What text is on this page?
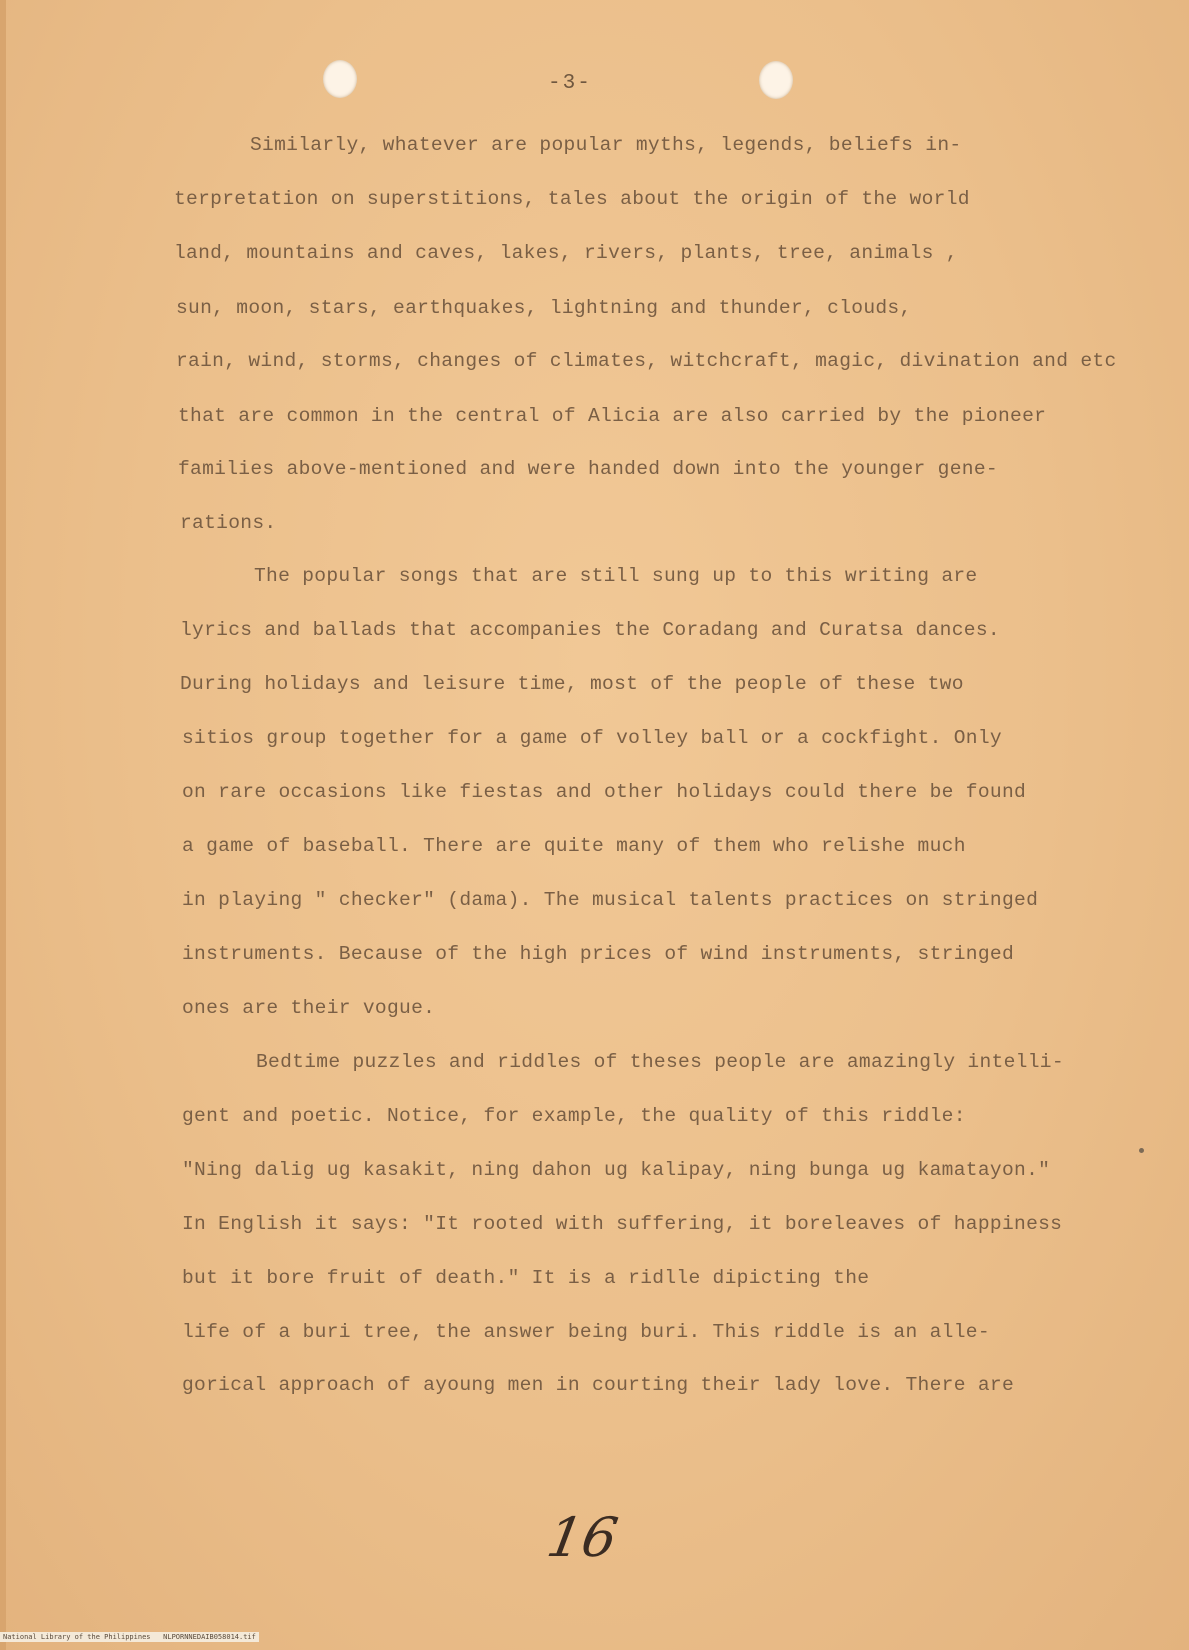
-3-
Similarly, whatever are popular myths, legends, beliefs in-
terpretation on superstitions, tales about the origin of the world
land, mountains and caves, lakes, rivers, plants, tree, animals ,
sun, moon, stars, earthquakes, lightning and thunder, clouds,
rain, wind, storms, changes of climates, witchcraft, magic, divination and etc
that are common in the central of Alicia are also carried by the pioneer
families above-mentioned and were handed down into the younger gene-
rations.
The popular songs that are still sung up to this writing are
lyrics and ballads that accompanies the Coradang and Curatsa dances.
During holidays and leisure time, most of the people of these two
sitios group together for a game of volley ball or a cockfight. Only
on rare occasions like fiestas and other holidays could there be found
a game of baseball. There are quite many of them who relishe much
in playing " checker" (dama). The musical talents practices on stringed
instruments. Because of the high prices of wind instruments, stringed
ones are their vogue.
Bedtime puzzles and riddles of theses people are amazingly intelli-
gent and poetic. Notice, for example, the quality of this riddle:
"Ning dalig ug kasakit, ning dahon ug kalipay, ning bunga ug kamatayon."
In English it says: "It rooted with suffering, it boreleaves of happiness
but it bore fruit of death." It is a ridlle dipicting the
life of a buri tree, the answer being buri. This riddle is an alle-
gorical approach of ayoung men in courting their lady love. There are
16
National Library of the Philippines   NLPORNNEDAIB058014.tif
